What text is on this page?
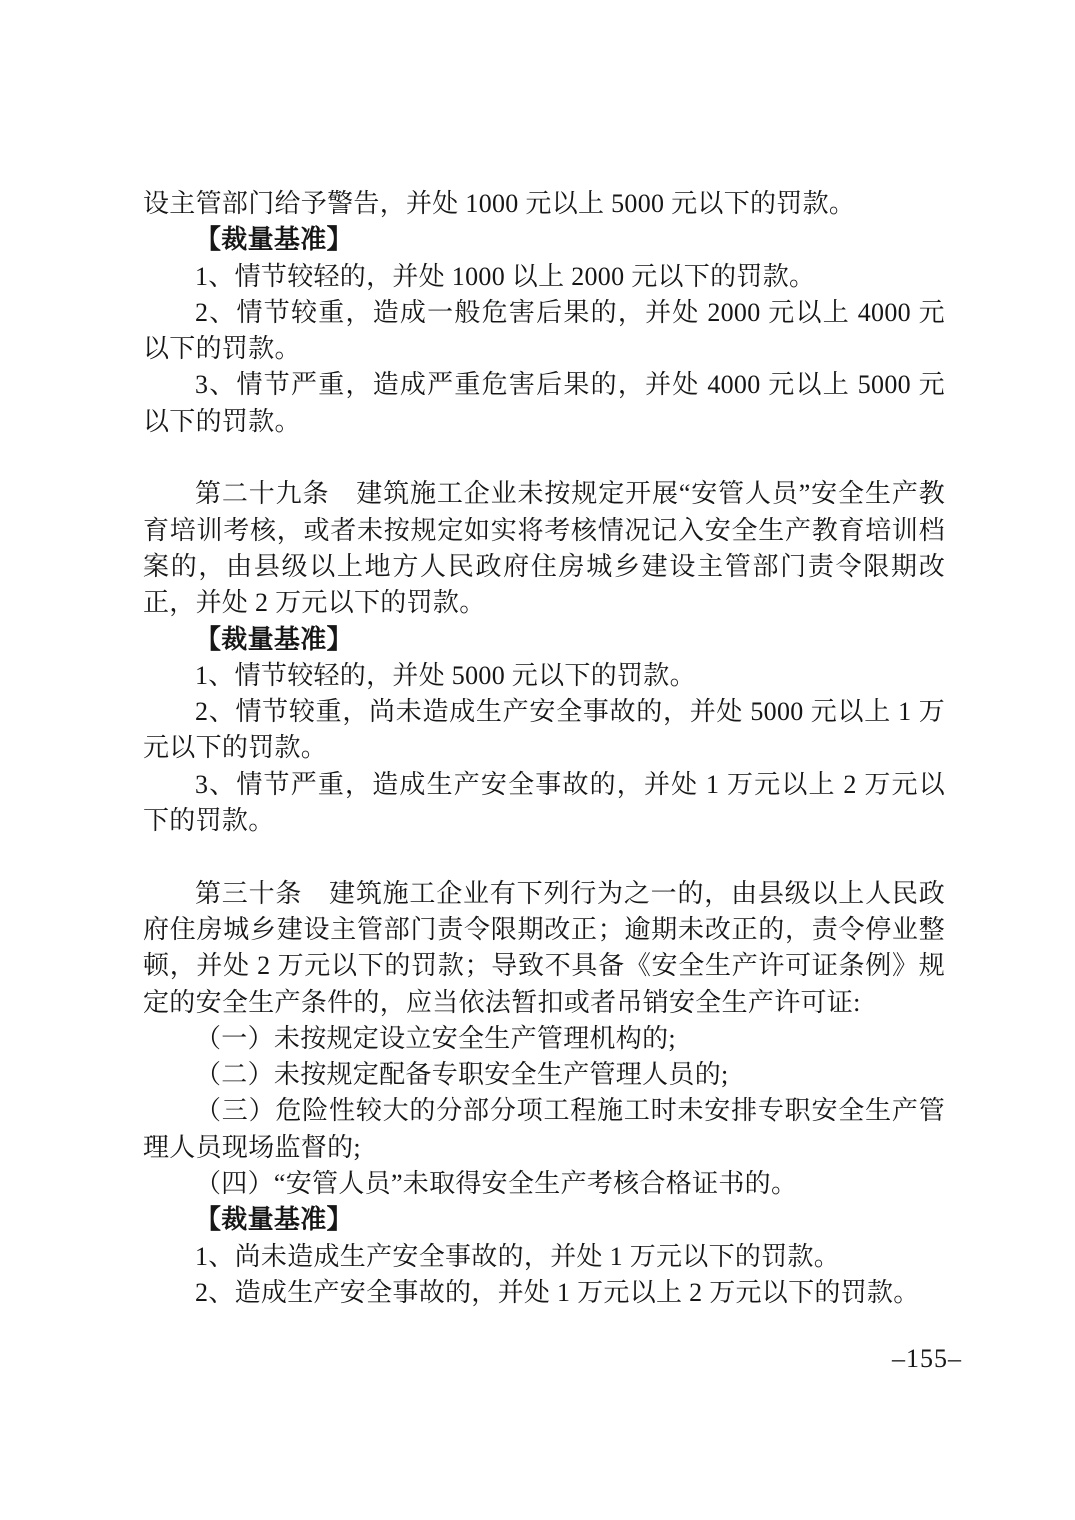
设主管部门给予警告，并处 1000 元以上 5000 元以下的罚款。

【裁量基准】

1、情节较轻的，并处 1000 以上 2000 元以下的罚款。

2、情节较重，造成一般危害后果的，并处 2000 元以上 4000 元以下的罚款。

3、情节严重，造成严重危害后果的，并处 4000 元以上 5000 元以下的罚款。

第二十九条　建筑施工企业未按规定开展“安管人员”安全生产教育培训考核，或者未按规定如实将考核情况记入安全生产教育培训档案的，由县级以上地方人民政府住房城乡建设主管部门责令限期改正，并处 2 万元以下的罚款。

【裁量基准】

1、情节较轻的，并处 5000 元以下的罚款。

2、情节较重，尚未造成生产安全事故的，并处 5000 元以上 1 万元以下的罚款。

3、情节严重，造成生产安全事故的，并处 1 万元以上 2 万元以下的罚款。

第三十条　建筑施工企业有下列行为之一的，由县级以上人民政府住房城乡建设主管部门责令限期改正；逾期未改正的，责令停业整顿，并处 2 万元以下的罚款；导致不具备《安全生产许可证条例》规定的安全生产条件的，应当依法暂扣或者吊销安全生产许可证:

（一）未按规定设立安全生产管理机构的;

（二）未按规定配备专职安全生产管理人员的;

（三）危险性较大的分部分项工程施工时未安排专职安全生产管理人员现场监督的;

（四）“安管人员”未取得安全生产考核合格证书的。

【裁量基准】

1、尚未造成生产安全事故的，并处 1 万元以下的罚款。

2、造成生产安全事故的，并处 1 万元以上 2 万元以下的罚款。

–155–
